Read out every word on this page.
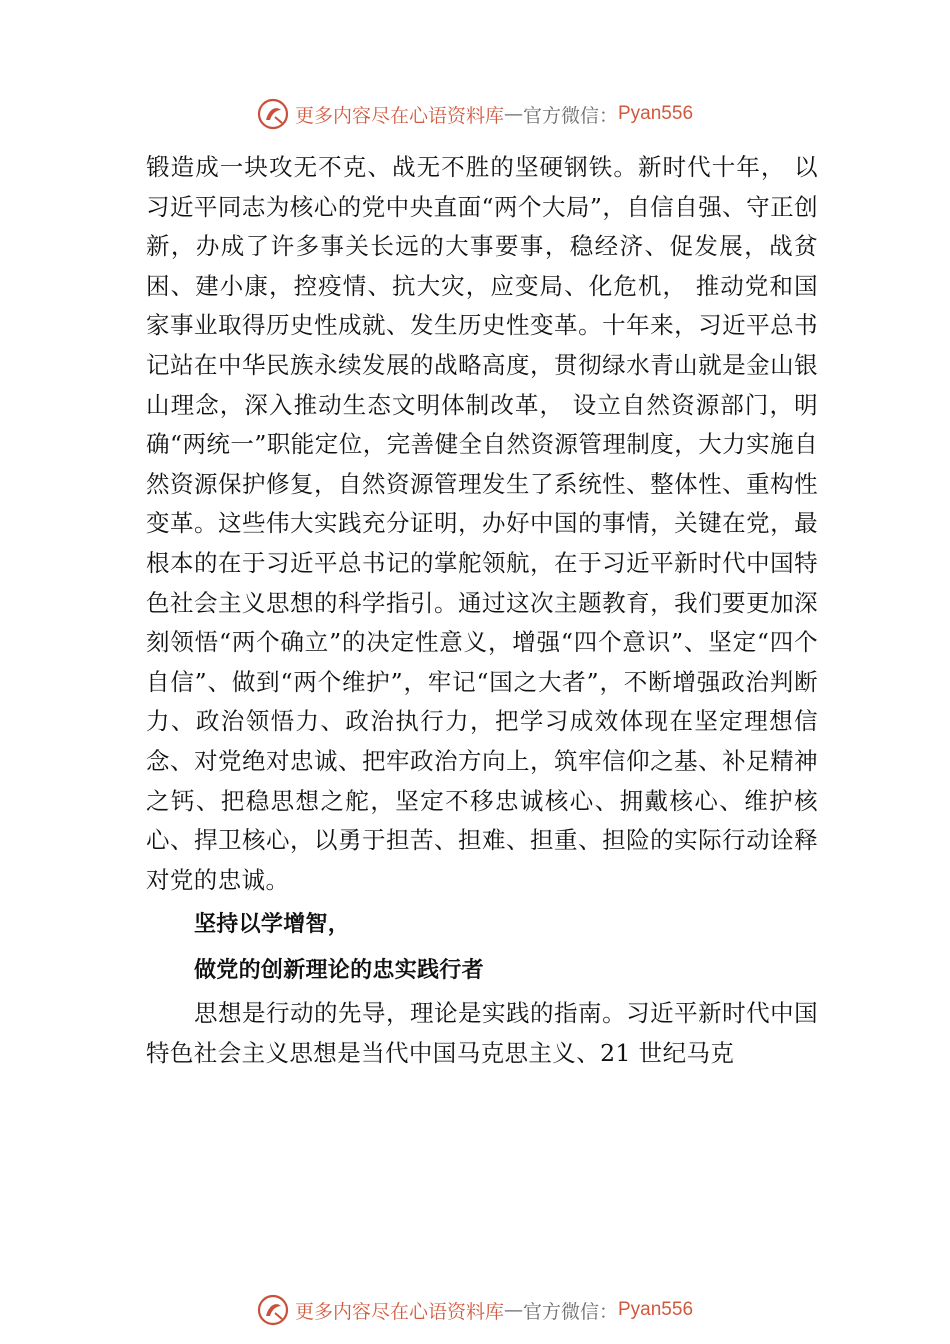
更多内容尽在心语资料库 — 官方微信： Pyan556

锻造成一块攻无不克、战无不胜的坚硬钢铁。新时代十年， 以习近平同志为核心的党中央直面“两个大局”，自信自强、守正创新，办成了许多事关长远的大事要事，稳经济、促发展，战贫困、建小康，控疫情、抗大灾，应变局、化危机， 推动党和国家事业取得历史性成就、发生历史性变革。十年来，习近平总书记站在中华民族永续发展的战略高度，贯彻绿水青山就是金山银山理念，深入推动生态文明体制改革， 设立自然资源部门，明确“两统一”职能定位，完善健全自然资源管理制度，大力实施自然资源保护修复，自然资源管理发生了系统性、整体性、重构性变革。这些伟大实践充分证明，办好中国的事情，关键在党，最根本的在于习近平总书记的掌舵领航，在于习近平新时代中国特色社会主义思想的科学指引。通过这次主题教育，我们要更加深刻领悟“两个确立”的决定性意义，增强“四个意识”、坚定“四个自信”、做到“两个维护”，牢记“国之大者”，不断增强政治判断力、政治领悟力、政治执行力，把学习成效体现在坚定理想信念、对党绝对忠诚、把牢政治方向上，筑牢信仰之基、补足精神之钙、把稳思想之舵，坚定不移忠诚核心、拥戴核心、维护核心、捍卫核心，以勇于担苦、担难、担重、担险的实际行动诠释对党的忠诚。

坚持以学增智，

做党的创新理论的忠实践行者

思想是行动的先导，理论是实践的指南。习近平新时代中国特色社会主义思想是当代中国马克思主义、21 世纪马克

更多内容尽在心语资料库 — 官方微信： Pyan556
